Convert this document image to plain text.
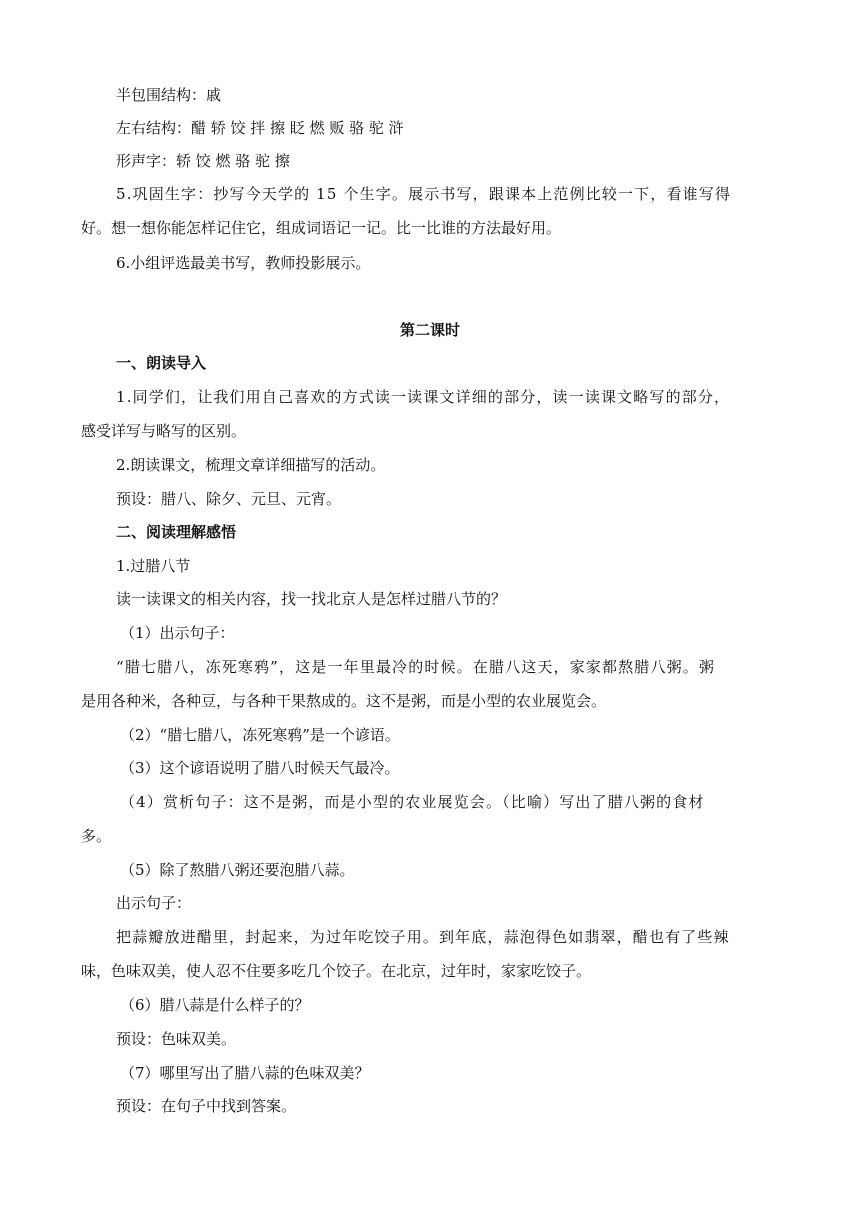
半包围结构：戚
左右结构：醋 轿 饺 拌 擦 眨 燃 贩 骆 驼 浒
形声字：轿 饺 燃 骆 驼 擦
5.巩固生字：抄写今天学的 15 个生字。展示书写，跟课本上范例比较一下，看谁写得
好。想一想你能怎样记住它，组成词语记一记。比一比谁的方法最好用。
6.小组评选最美书写，教师投影展示。
第二课时
一、朗读导入
1.同学们，让我们用自己喜欢的方式读一读课文详细的部分，读一读课文略写的部分，
感受详写与略写的区别。
2.朗读课文，梳理文章详细描写的活动。
预设：腊八、除夕、元旦、元宵。
二、阅读理解感悟
1.过腊八节
读一读课文的相关内容，找一找北京人是怎样过腊八节的？
（1）出示句子：
“腊七腊八，冻死寒鸦”，这是一年里最冷的时候。在腊八这天，家家都熬腊八粥。粥
是用各种米，各种豆，与各种干果熬成的。这不是粥，而是小型的农业展览会。
（2）“腊七腊八，冻死寒鸦”是一个谚语。
（3）这个谚语说明了腊八时候天气最冷。
（4）赏析句子：这不是粥，而是小型的农业展览会。（比喻）写出了腊八粥的食材
多。
（5）除了熬腊八粥还要泡腊八蒜。
出示句子：
把蒜瓣放进醋里，封起来，为过年吃饺子用。到年底，蒜泡得色如翡翠，醋也有了些辣
味，色味双美，使人忍不住要多吃几个饺子。在北京，过年时，家家吃饺子。
（6）腊八蒜是什么样子的？
预设：色味双美。
（7）哪里写出了腊八蒜的色味双美？
预设：在句子中找到答案。
